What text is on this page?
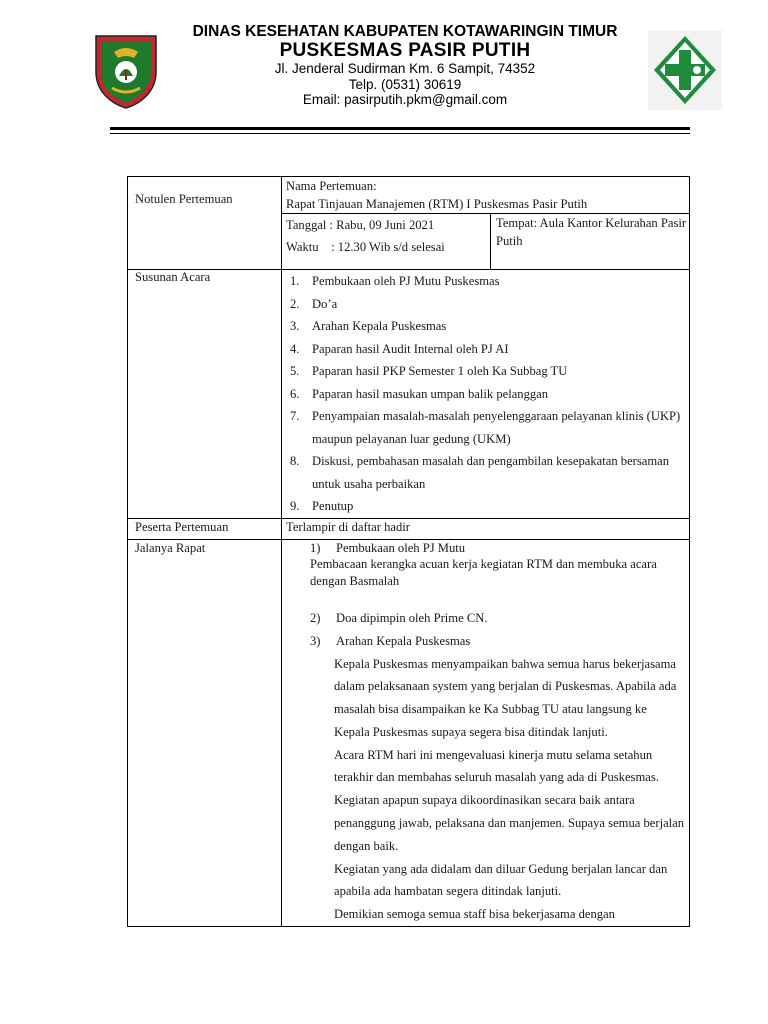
DINAS KESEHATAN KABUPATEN KOTAWARINGIN TIMUR
PUSKESMAS PASIR PUTIH
Jl. Jenderal Sudirman Km. 6 Sampit, 74352
Telp. (0531) 30619
Email: pasirputih.pkm@gmail.com
Notulen Pertemuan	
Nama Pertemuan:
Rapat Tinjauan Manajemen (RTM) I Puskesmas Pasir Putih
Tanggal : Rabu, 09 Juni 2021
Waktu    : 12.30 Wib s/d selesai
	Tempat: Aula Kantor Kelurahan Pasir Putih

Susunan Acara	1. Pembukaan oleh PJ Mutu Puskesmas
2. Do’a
3. Arahan Kepala Puskesmas
4. Paparan hasil Audit Internal oleh PJ AI
5. Paparan hasil PKP Semester 1 oleh Ka Subbag TU
6. Paparan hasil masukan umpan balik pelanggan
7. Penyampaian masalah-masalah penyelenggaraan pelayanan klinis (UKP) maupun pelayanan luar gedung (UKM)
8. Diskusi, pembahasan masalah dan pengambilan kesepakatan bersaman untuk usaha perbaikan
9. Penutup

Peserta Pertemuan	Terlampir di daftar hadir
Jalanya Rapat	1) Pembukaan oleh PJ Mutu
Pembacaan kerangka acuan kerja kegiatan RTM dan membuka acara dengan Basmalah
2) Doa dipimpin oleh Prime CN.
3) Arahan Kepala Puskesmas
Kepala Puskesmas menyampaikan bahwa semua harus bekerjasama dalam pelaksanaan system yang berjalan di Puskesmas. Apabila ada masalah bisa disampaikan ke Ka Subbag TU atau langsung ke Kepala Puskesmas supaya segera bisa ditindak lanjuti.
Acara RTM hari ini mengevaluasi kinerja mutu selama setahun terakhir dan membahas seluruh masalah yang ada di Puskesmas.
Kegiatan apapun supaya dikoordinasikan secara baik antara penanggung jawab, pelaksana dan manjemen. Supaya semua berjalan dengan baik.
Kegiatan yang ada didalam dan diluar Gedung berjalan lancar dan apabila ada hambatan segera ditindak lanjuti.
Demikian semoga semua staff bisa bekerjasama dengan
